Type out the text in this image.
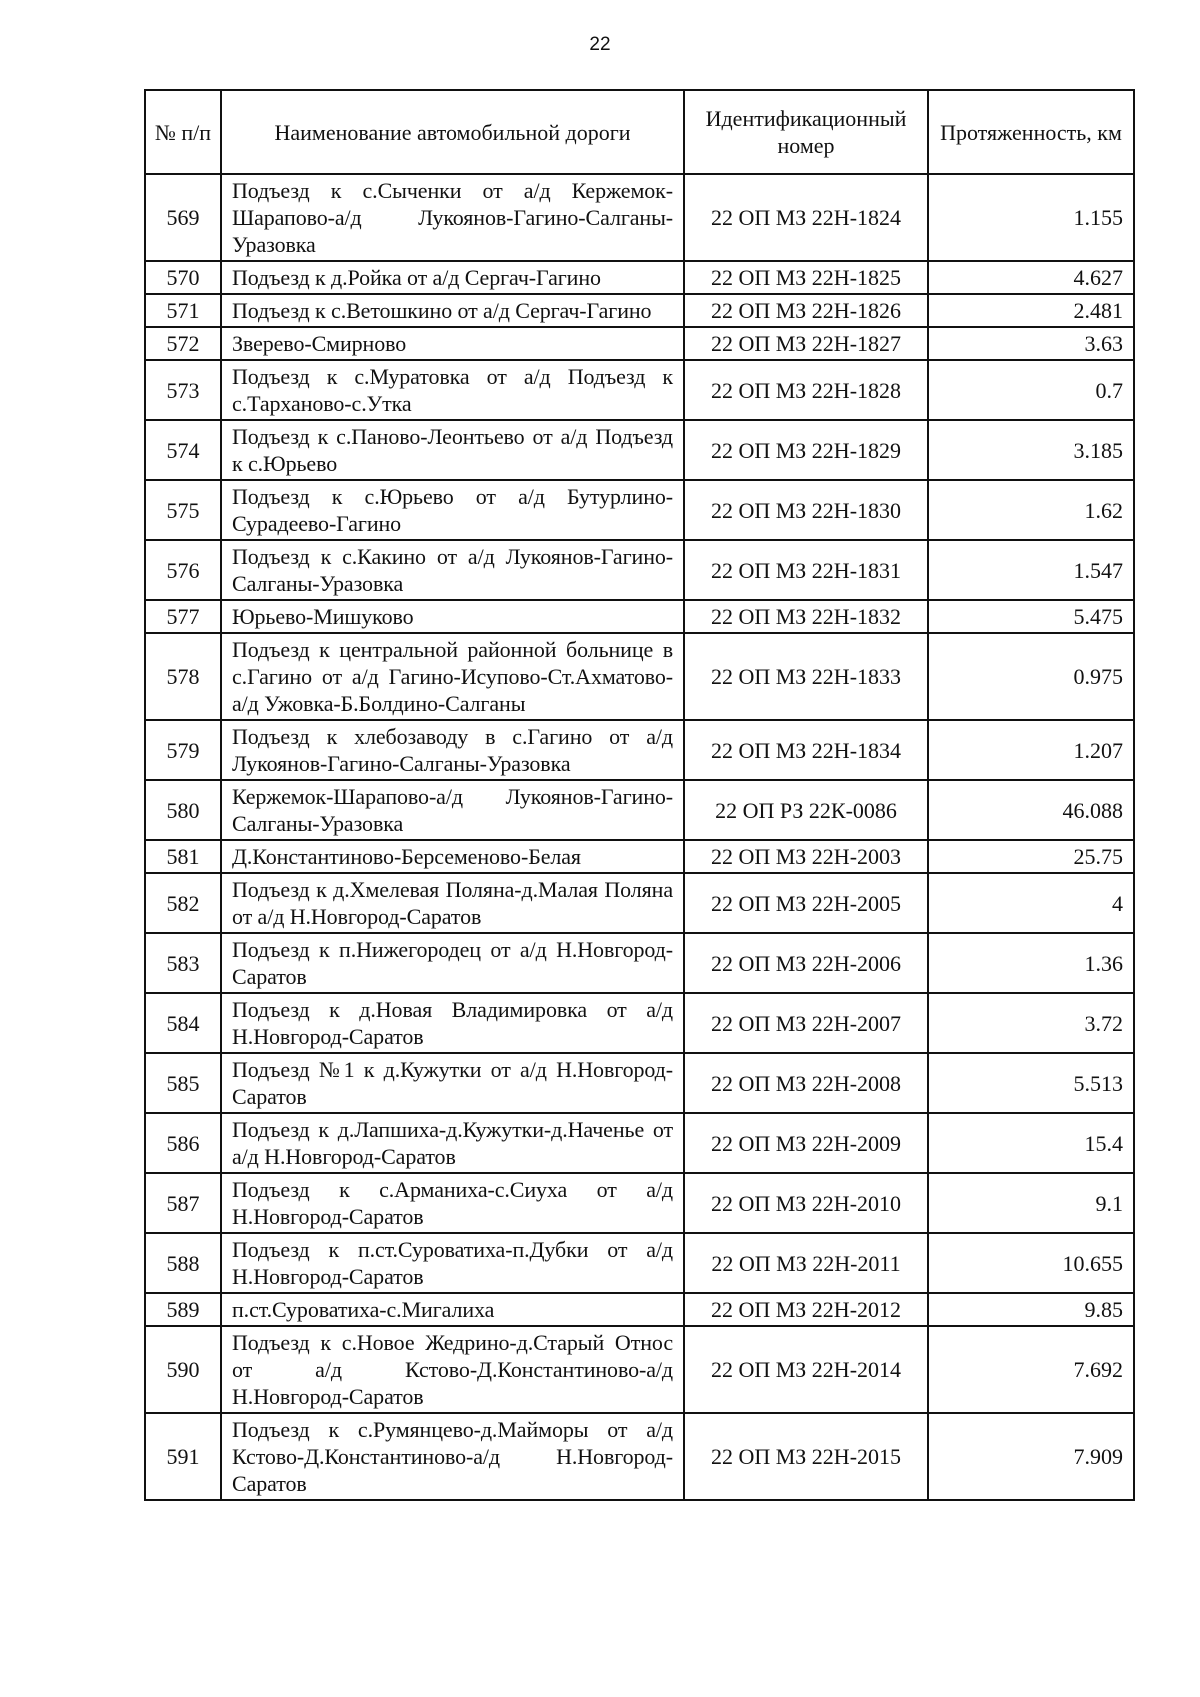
22
№ п/п	Наименование автомобильной дороги	Идентификационный номер	Протяженность, км
569	Подъезд к с.Сыченки от а/д Кержемок-Шарапово-а/д Лукоянов-Гагино-Салганы-Уразовка	22 ОП МЗ 22Н-1824	1.155
570	Подъезд к д.Ройка от а/д Сергач-Гагино	22 ОП МЗ 22Н-1825	4.627
571	Подъезд к с.Ветошкино от а/д Сергач-Гагино	22 ОП МЗ 22Н-1826	2.481
572	Зверево-Смирново	22 ОП МЗ 22Н-1827	3.63
573	Подъезд к с.Муратовка от а/д Подъезд к с.Тарханово-с.Утка	22 ОП МЗ 22Н-1828	0.7
574	Подъезд к с.Паново-Леонтьево от а/д Подъезд к с.Юрьево	22 ОП МЗ 22Н-1829	3.185
575	Подъезд к с.Юрьево от а/д Бутурлино-Сурадеево-Гагино	22 ОП МЗ 22Н-1830	1.62
576	Подъезд к с.Какино от а/д Лукоянов-Гагино-Салганы-Уразовка	22 ОП МЗ 22Н-1831	1.547
577	Юрьево-Мишуково	22 ОП МЗ 22Н-1832	5.475
578	Подъезд к центральной районной больнице в с.Гагино от а/д Гагино-Исупово-Ст.Ахматово-а/д Ужовка-Б.Болдино-Салганы	22 ОП МЗ 22Н-1833	0.975
579	Подъезд к хлебозаводу в с.Гагино от а/д Лукоянов-Гагино-Салганы-Уразовка	22 ОП МЗ 22Н-1834	1.207
580	Кержемок-Шарапово-а/д Лукоянов-Гагино-Салганы-Уразовка	22 ОП РЗ 22К-0086	46.088
581	Д.Константиново-Берсеменово-Белая	22 ОП МЗ 22Н-2003	25.75
582	Подъезд к д.Хмелевая Поляна-д.Малая Поляна от а/д Н.Новгород-Саратов	22 ОП МЗ 22Н-2005	4
583	Подъезд к п.Нижегородец от а/д Н.Новгород-Саратов	22 ОП МЗ 22Н-2006	1.36
584	Подъезд к д.Новая Владимировка от а/д Н.Новгород-Саратов	22 ОП МЗ 22Н-2007	3.72
585	Подъезд №1 к д.Кужутки от а/д Н.Новгород-Саратов	22 ОП МЗ 22Н-2008	5.513
586	Подъезд к д.Лапшиха-д.Кужутки-д.Наченье от а/д Н.Новгород-Саратов	22 ОП МЗ 22Н-2009	15.4
587	Подъезд к с.Арманиха-с.Сиуха от а/д Н.Новгород-Саратов	22 ОП МЗ 22Н-2010	9.1
588	Подъезд к п.ст.Суроватиха-п.Дубки от а/д Н.Новгород-Саратов	22 ОП МЗ 22Н-2011	10.655
589	п.ст.Суроватиха-с.Мигалиха	22 ОП МЗ 22Н-2012	9.85
590	Подъезд к с.Новое Жедрино-д.Старый Относ от а/д Кстово-Д.Константиново-а/д Н.Новгород-Саратов	22 ОП МЗ 22Н-2014	7.692
591	Подъезд к с.Румянцево-д.Майморы от а/д Кстово-Д.Константиново-а/д Н.Новгород-Саратов	22 ОП МЗ 22Н-2015	7.909
